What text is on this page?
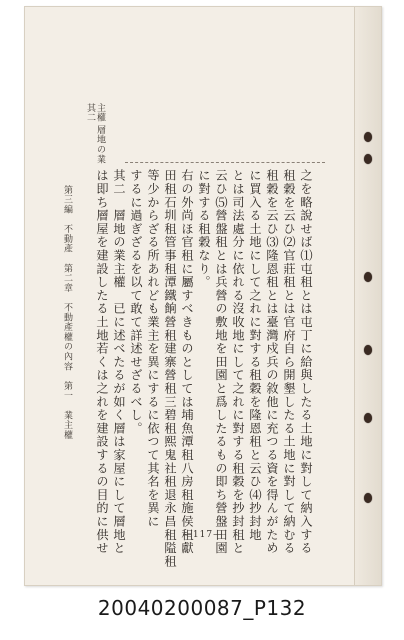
其二 主權
層地の業
之を略說せば⑴屯租とは屯丁に給與したる土地に對して納入する
租穀を云ひ⑵官莊租とは官府自ら開墾したる土地に對して納むる
租穀を云ひ⑶隆恩租とは臺灣戍兵の敘他に充つる資を得んがため
に買入る土地にして之れに對する租穀を隆恩租と云ひ⑷抄封地
とは司法處分に依れる沒收地にして之れに對する租穀を抄封租と
云ひ⑸營盤租とは兵營の敷地を田園と爲したるもの即ち營盤田園
に對する租穀なり。
右の外尚ほ官租に屬すべきものとしては埔魚潭租八房租施侯租獻
田租石圳租管事租潭鐵餉營租建寨營租三碧租熙鬼社租退永昌租隘租
等少からざる所あれども業主を異にするに依つて其名を異に
するに過ぎざるを以て敢て詳述せざるべし。
其二　層地の業主權　已に述べたるが如く層は家屋にして層地と
は即ち層屋を建設したる土地若くは之れを建設するの目的に供せ
第三編　不動產　第二章　不動產權の內容　第一　業主權
—117—
20040200087_P132
